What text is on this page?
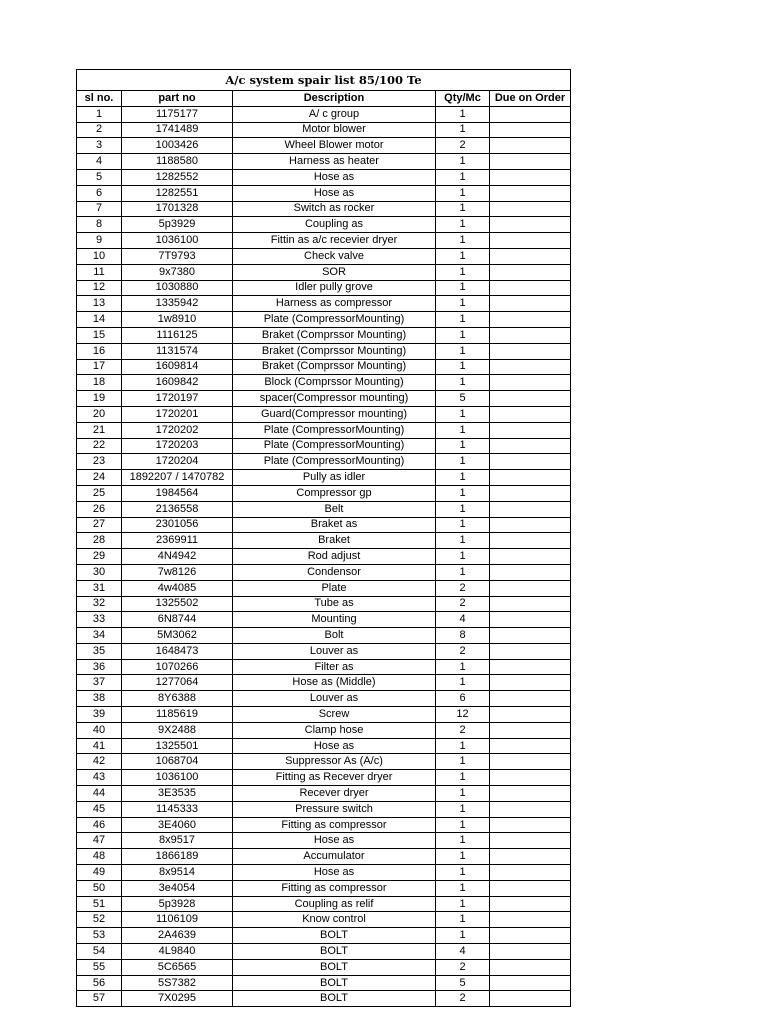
A/c system spair list 85/100 Te				
sl no.	part no	Description	Qty/Mc	Due on Order
1	1175177	A/ c group	1	
2	1741489	Motor blower	1	
3	1003426	Wheel Blower motor	2	
4	1188580	Harness as heater	1	
5	1282552	Hose as	1	
6	1282551	Hose as	1	
7	1701328	Switch as rocker	1	
8	5p3929	Coupling as	1	
9	1036100	Fittin as a/c recevier dryer	1	
10	7T9793	Check valve	1	
11	9x7380	SOR	1	
12	1030880	Idler pully grove	1	
13	1335942	Harness as compressor	1	
14	1w8910	Plate (CompressorMounting)	1	
15	1116125	Braket (Comprssor Mounting)	1	
16	1131574	Braket (Comprssor Mounting)	1	
17	1609814	Braket (Comprssor Mounting)	1	
18	1609842	Block (Comprssor Mounting)	1	
19	1720197	spacer(Compressor mounting)	5	
20	1720201	Guard(Compressor mounting)	1	
21	1720202	Plate (CompressorMounting)	1	
22	1720203	Plate (CompressorMounting)	1	
23	1720204	Plate (CompressorMounting)	1	
24	1892207 / 1470782	Pully as idler	1	
25	1984564	Compressor gp	1	
26	2136558	Belt	1	
27	2301056	Braket as	1	
28	2369911	Braket	1	
29	4N4942	Rod adjust	1	
30	7w8126	Condensor	1	
31	4w4085	Plate	2	
32	1325502	Tube as	2	
33	6N8744	Mounting	4	
34	5M3062	Bolt	8	
35	1648473	Louver as	2	
36	1070266	Filter as	1	
37	1277064	Hose as (Middle)	1	
38	8Y6388	Louver as	6	
39	1185619	Screw	12	
40	9X2488	Clamp hose	2	
41	1325501	Hose as	1	
42	1068704	Suppressor As (A/c)	1	
43	1036100	Fitting as Recever dryer	1	
44	3E3535	Recever dryer	1	
45	1145333	Pressure switch	1	
46	3E4060	Fitting as compressor	1	
47	8x9517	Hose as	1	
48	1866189	Accumulator	1	
49	8x9514	Hose as	1	
50	3e4054	Fitting as compressor	1	
51	5p3928	Coupling as relif	1	
52	1106109	Know control	1	
53	2A4639	BOLT	1	
54	4L9840	BOLT	4	
55	5C6565	BOLT	2	
56	5S7382	BOLT	5	
57	7X0295	BOLT	2	
